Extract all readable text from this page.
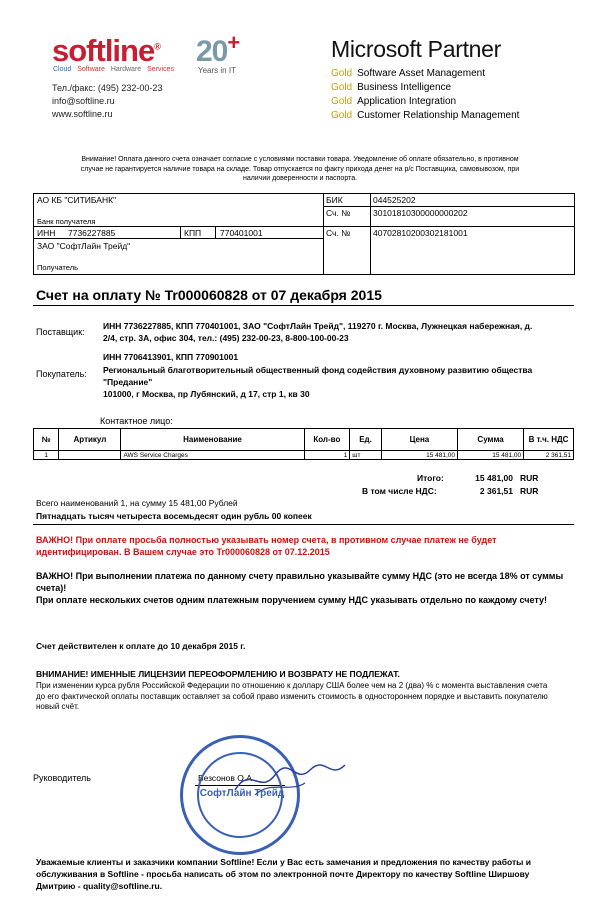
softline®
Cloud Software Hardware Services
20+
Years in IT
Тел./факс: (495) 232-00-23
info@softline.ru
www.softline.ru
Microsoft Partner
Gold Software Asset Management
Gold Business Intelligence
Gold Application Integration
Gold Customer Relationship Management
Внимание! Оплата данного счета означает согласие с условиями поставки товара. Уведомление об оплате обязательно, в противном случае не гарантируется наличие товара на складе. Товар отпускается по факту прихода денег на р/с Поставщика, самовывозом, при наличии доверенности и паспорта.
АО КБ "СИТИБАНК"
Банк получателя
БИК	044525202
Сч. №	30101810300000000202
ИНН 7736227885	КПП 770401001	Сч. №	40702810200302181001
ЗАО "СофтЛайн Трейд"
Получатель
Счет на оплату № Tr000060828 от 07 декабря 2015
Поставщик:
ИНН 7736227885, КПП 770401001, ЗАО "СофтЛайн Трейд", 119270 г. Москва, Лужнецкая набережная, д. 2/4, стр. 3А, офис 304, тел.: (495) 232-00-23, 8-800-100-00-23
Покупатель:
ИНН 7706413901, КПП 770901001
Региональный благотворительный общественный фонд содействия духовному развитию общества "Предание"
101000, г Москва, пр Лубянский, д 17, стр 1, кв 30
Контактное лицо:
№	Артикул	Наименование	Кол-во	Ед.	Цена	Сумма	В т.ч. НДС
1		AWS Service Charges	1	шт	15 481,00	15 481,00	2 361,51
Итого:	15 481,00 RUR
В том числе НДС:	2 361,51 RUR
Всего наименований 1, на сумму 15 481,00 Рублей
Пятнадцать тысяч четыреста восемьдесят один рубль 00 копеек
ВАЖНО! При оплате просьба полностью указывать номер счета, в противном случае платеж не будет идентифицирован. В Вашем случае это Tr000060828 от 07.12.2015
ВАЖНО! При выполнении платежа по данному счету правильно указывайте сумму НДС (это не всегда 18% от суммы счета)!
При оплате нескольких счетов одним платежным поручением сумму НДС указывать отдельно по каждому счету!
Счет действителен к оплате до 10 декабря 2015 г.
ВНИМАНИЕ! ИМЕННЫЕ ЛИЦЕНЗИИ ПЕРЕОФОРМЛЕНИЮ И ВОЗВРАТУ НЕ ПОДЛЕЖАТ.
При изменении курса рубля Российской Федерации по отношению к доллару США более чем на 2 (два) % с момента выставления счета до его фактической оплаты поставщик оставляет за собой право изменить стоимость в одностороннем порядке и выставить покупателю новый счёт.
Руководитель	Безсонов О.А.
СофтЛайн Трейд
Уважаемые клиенты и заказчики компании Softline! Если у Вас есть замечания и предложения по качеству работы и обслуживания в Softline - просьба написать об этом по электронной почте Директору по качеству Softline Ширшову Дмитрию - quality@softline.ru.
